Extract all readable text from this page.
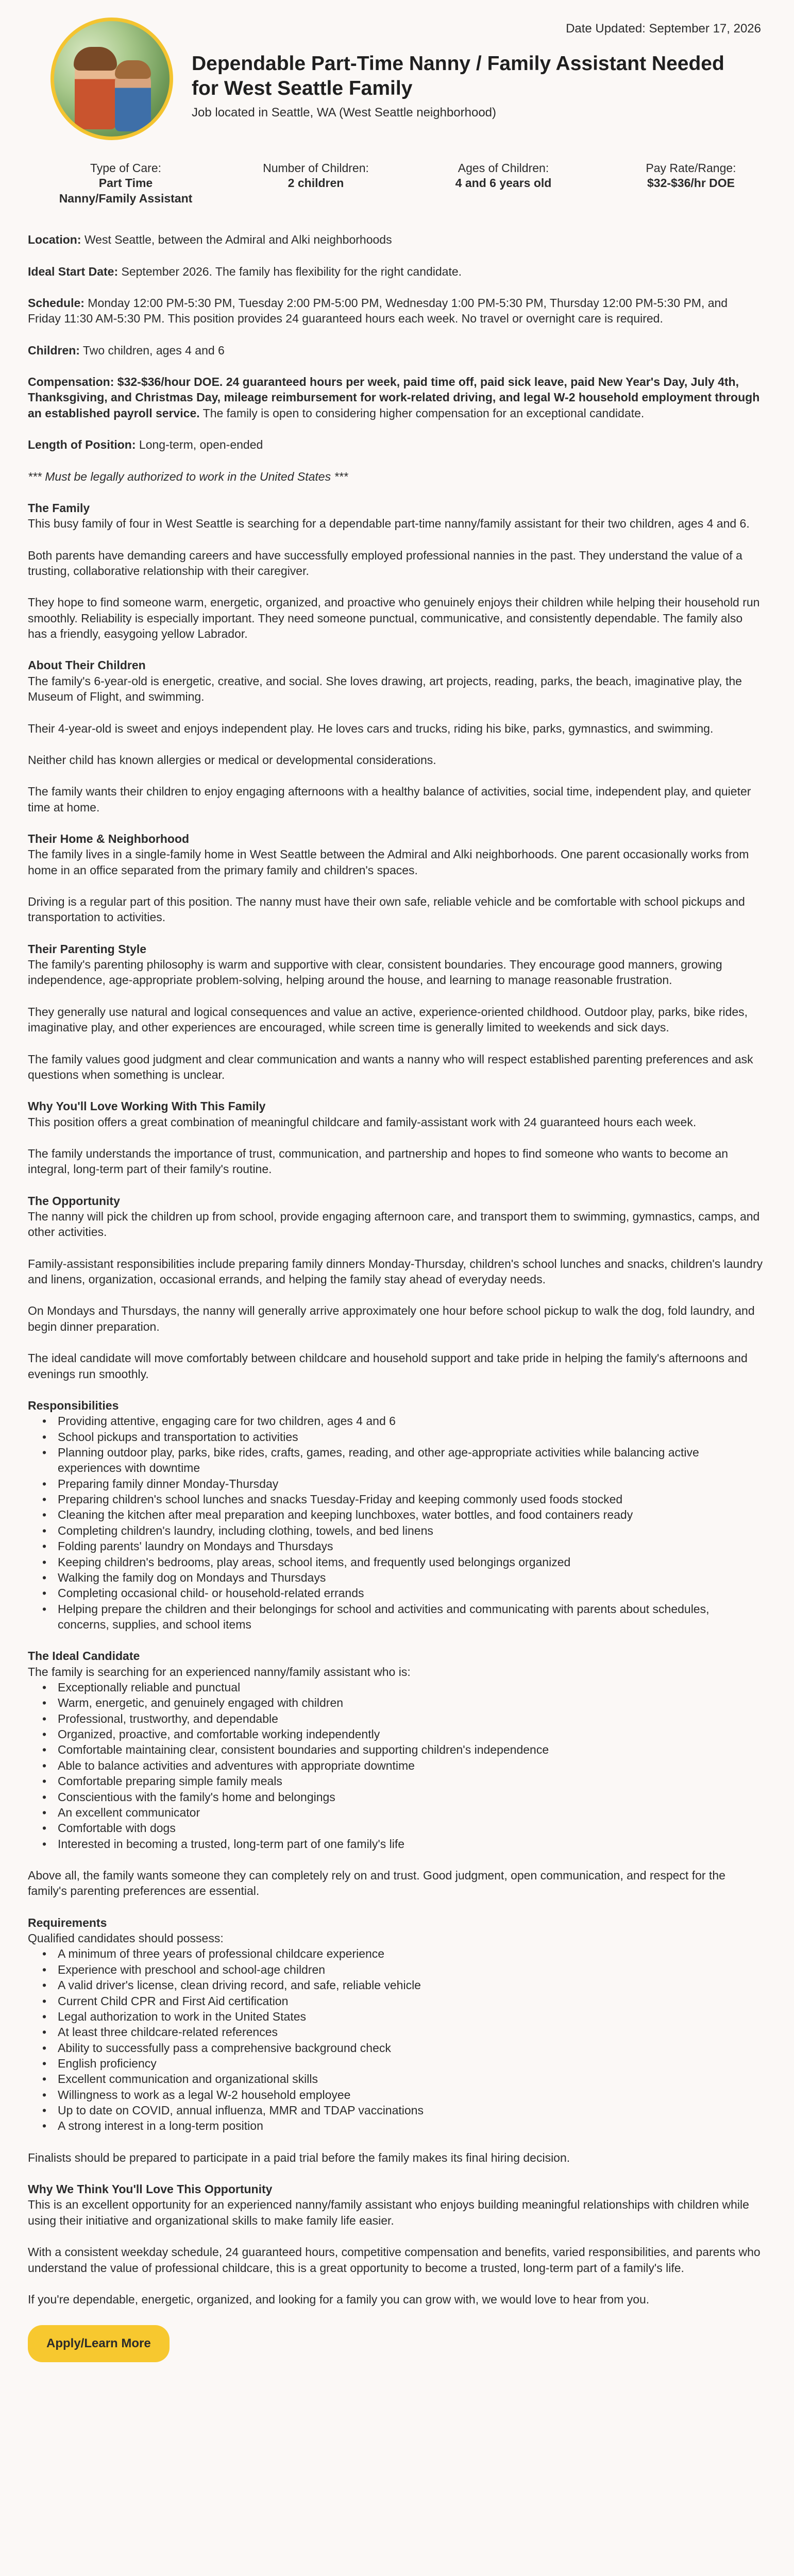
Date Updated: September 17, 2026
Dependable Part-Time Nanny / Family Assistant Needed for West Seattle Family
Job located in Seattle, WA (West Seattle neighborhood)
Type of Care:
Part Time Nanny/Family Assistant
Number of Children:
2 children
Ages of Children:
4 and 6 years old
Pay Rate/Range:
$32-$36/hr DOE

Location: West Seattle, between the Admiral and Alki neighborhoods

Ideal Start Date: September 2026. The family has flexibility for the right candidate.

Schedule: Monday 12:00 PM-5:30 PM, Tuesday 2:00 PM-5:00 PM, Wednesday 1:00 PM-5:30 PM, Thursday 12:00 PM-5:30 PM, and Friday 11:30 AM-5:30 PM. This position provides 24 guaranteed hours each week. No travel or overnight care is required.

Children: Two children, ages 4 and 6

Compensation: $32-$36/hour DOE. 24 guaranteed hours per week, paid time off, paid sick leave, paid New Year's Day, July 4th, Thanksgiving, and Christmas Day, mileage reimbursement for work-related driving, and legal W-2 household employment through an established payroll service. The family is open to considering higher compensation for an exceptional candidate.

Length of Position: Long-term, open-ended

*** Must be legally authorized to work in the United States ***

The Family

This busy family of four in West Seattle is searching for a dependable part-time nanny/family assistant for their two children, ages 4 and 6.

Both parents have demanding careers and have successfully employed professional nannies in the past. They understand the value of a trusting, collaborative relationship with their caregiver.

They hope to find someone warm, energetic, organized, and proactive who genuinely enjoys their children while helping their household run smoothly. Reliability is especially important. They need someone punctual, communicative, and consistently dependable. The family also has a friendly, easygoing yellow Labrador.

About Their Children

The family's 6-year-old is energetic, creative, and social. She loves drawing, art projects, reading, parks, the beach, imaginative play, the Museum of Flight, and swimming.

Their 4-year-old is sweet and enjoys independent play. He loves cars and trucks, riding his bike, parks, gymnastics, and swimming.

Neither child has known allergies or medical or developmental considerations.

The family wants their children to enjoy engaging afternoons with a healthy balance of activities, social time, independent play, and quieter time at home.

Their Home & Neighborhood

The family lives in a single-family home in West Seattle between the Admiral and Alki neighborhoods. One parent occasionally works from home in an office separated from the primary family and children's spaces.

Driving is a regular part of this position. The nanny must have their own safe, reliable vehicle and be comfortable with school pickups and transportation to activities.

Their Parenting Style

The family's parenting philosophy is warm and supportive with clear, consistent boundaries. They encourage good manners, growing independence, age-appropriate problem-solving, helping around the house, and learning to manage reasonable frustration.

They generally use natural and logical consequences and value an active, experience-oriented childhood. Outdoor play, parks, bike rides, imaginative play, and other experiences are encouraged, while screen time is generally limited to weekends and sick days.

The family values good judgment and clear communication and wants a nanny who will respect established parenting preferences and ask questions when something is unclear.

Why You'll Love Working With This Family

This position offers a great combination of meaningful childcare and family-assistant work with 24 guaranteed hours each week.

The family understands the importance of trust, communication, and partnership and hopes to find someone who wants to become an integral, long-term part of their family's routine.

The Opportunity

The nanny will pick the children up from school, provide engaging afternoon care, and transport them to swimming, gymnastics, camps, and other activities.

Family-assistant responsibilities include preparing family dinners Monday-Thursday, children's school lunches and snacks, children's laundry and linens, organization, occasional errands, and helping the family stay ahead of everyday needs.

On Mondays and Thursdays, the nanny will generally arrive approximately one hour before school pickup to walk the dog, fold laundry, and begin dinner preparation.

The ideal candidate will move comfortably between childcare and household support and take pride in helping the family's afternoons and evenings run smoothly.

Responsibilities
• Providing attentive, engaging care for two children, ages 4 and 6
• School pickups and transportation to activities
• Planning outdoor play, parks, bike rides, crafts, games, reading, and other age-appropriate activities while balancing active experiences with downtime
• Preparing family dinner Monday-Thursday
• Preparing children's school lunches and snacks Tuesday-Friday and keeping commonly used foods stocked
• Cleaning the kitchen after meal preparation and keeping lunchboxes, water bottles, and food containers ready
• Completing children's laundry, including clothing, towels, and bed linens
• Folding parents' laundry on Mondays and Thursdays
• Keeping children's bedrooms, play areas, school items, and frequently used belongings organized
• Walking the family dog on Mondays and Thursdays
• Completing occasional child- or household-related errands
• Helping prepare the children and their belongings for school and activities and communicating with parents about schedules, concerns, supplies, and school items
The Ideal Candidate
The family is searching for an experienced nanny/family assistant who is:
• Exceptionally reliable and punctual
• Warm, energetic, and genuinely engaged with children
• Professional, trustworthy, and dependable
• Organized, proactive, and comfortable working independently
• Comfortable maintaining clear, consistent boundaries and supporting children's independence
• Able to balance activities and adventures with appropriate downtime
• Comfortable preparing simple family meals
• Conscientious with the family's home and belongings
• An excellent communicator
• Comfortable with dogs
• Interested in becoming a trusted, long-term part of one family's life

Above all, the family wants someone they can completely rely on and trust. Good judgment, open communication, and respect for the family's parenting preferences are essential.

Requirements
Qualified candidates should possess:
• A minimum of three years of professional childcare experience
• Experience with preschool and school-age children
• A valid driver's license, clean driving record, and safe, reliable vehicle
• Current Child CPR and First Aid certification
• Legal authorization to work in the United States
• At least three childcare-related references
• Ability to successfully pass a comprehensive background check
• English proficiency
• Excellent communication and organizational skills
• Willingness to work as a legal W-2 household employee
• Up to date on COVID, annual influenza, MMR and TDAP vaccinations
• A strong interest in a long-term position

Finalists should be prepared to participate in a paid trial before the family makes its final hiring decision.

Why We Think You'll Love This Opportunity

This is an excellent opportunity for an experienced nanny/family assistant who enjoys building meaningful relationships with children while using their initiative and organizational skills to make family life easier.

With a consistent weekday schedule, 24 guaranteed hours, competitive compensation and benefits, varied responsibilities, and parents who understand the value of professional childcare, this is a great opportunity to become a trusted, long-term part of a family's life.

If you're dependable, energetic, organized, and looking for a family you can grow with, we would love to hear from you.

Apply/Learn More
